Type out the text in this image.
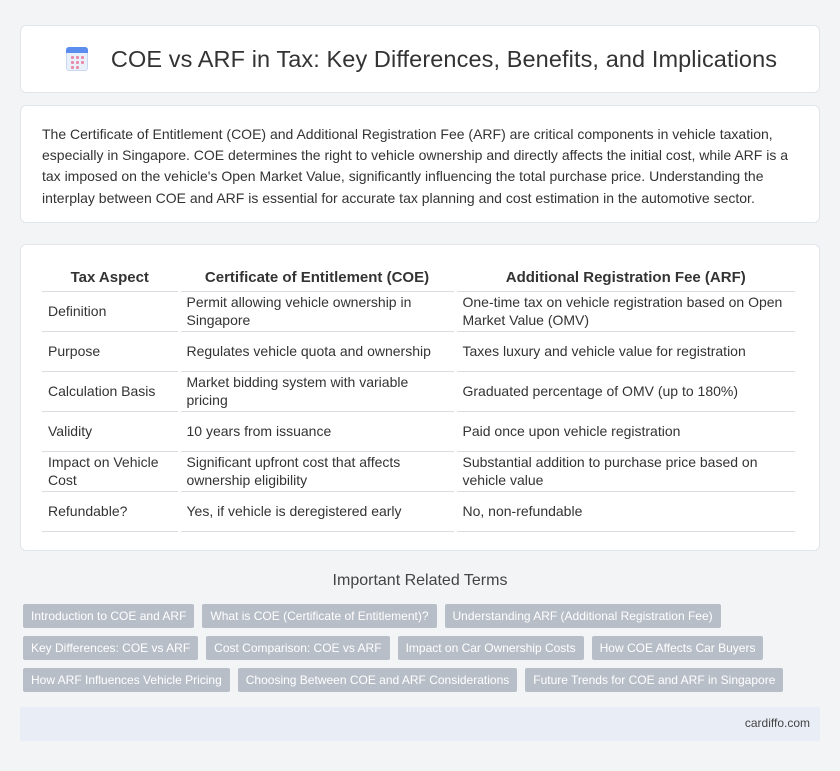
COE vs ARF in Tax: Key Differences, Benefits, and Implications

The Certificate of Entitlement (COE) and Additional Registration Fee (ARF) are critical components in vehicle taxation, especially in Singapore. COE determines the right to vehicle ownership and directly affects the initial cost, while ARF is a tax imposed on the vehicle's Open Market Value, significantly influencing the total purchase price. Understanding the interplay between COE and ARF is essential for accurate tax planning and cost estimation in the automotive sector.

Tax Aspect	Certificate of Entitlement (COE)	Additional Registration Fee (ARF)
Definition	Permit allowing vehicle ownership in Singapore	One-time tax on vehicle registration based on Open Market Value (OMV)
Purpose	Regulates vehicle quota and ownership	Taxes luxury and vehicle value for registration
Calculation Basis	Market bidding system with variable pricing	Graduated percentage of OMV (up to 180%)
Validity	10 years from issuance	Paid once upon vehicle registration
Impact on Vehicle Cost	Significant upfront cost that affects ownership eligibility	Substantial addition to purchase price based on vehicle value
Refundable?	Yes, if vehicle is deregistered early	No, non-refundable
Important Related Terms
Introduction to COE and ARF	What is COE (Certificate of Entitlement)?	Understanding ARF (Additional Registration Fee)
Key Differences: COE vs ARF	Cost Comparison: COE vs ARF	Impact on Car Ownership Costs	How COE Affects Car Buyers
How ARF Influences Vehicle Pricing	Choosing Between COE and ARF Considerations	Future Trends for COE and ARF in Singapore
cardiffo.com
